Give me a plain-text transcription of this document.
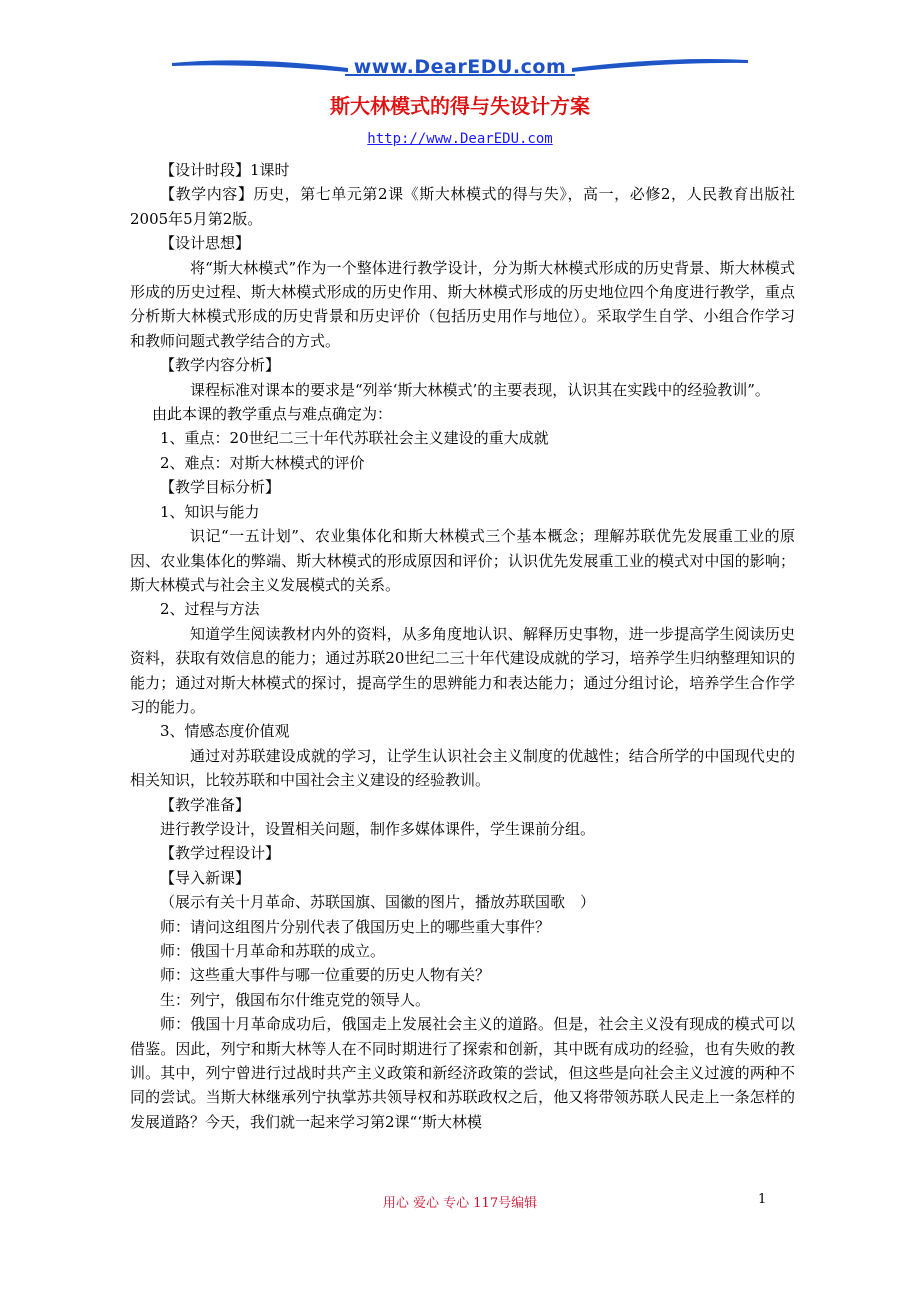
www.DearEDU.com
斯大林模式的得与失设计方案
http://www.DearEDU.com

【设计时段】1课时

【教学内容】历史，第七单元第2课《斯大林模式的得与失》，高一，必修2，人民教育出版社2005年5月第2版。

【设计思想】

将“斯大林模式”作为一个整体进行教学设计，分为斯大林模式形成的历史背景、斯大林模式形成的历史过程、斯大林模式形成的历史作用、斯大林模式形成的历史地位四个角度进行教学，重点分析斯大林模式形成的历史背景和历史评价（包括历史用作与地位）。采取学生自学、小组合作学习和教师问题式教学结合的方式。

【教学内容分析】

课程标准对课本的要求是“列举‘斯大林模式’的主要表现，认识其在实践中的经验教训”。

由此本课的教学重点与难点确定为：

1、重点：20世纪二三十年代苏联社会主义建设的重大成就

2、难点：对斯大林模式的评价

【教学目标分析】

1、知识与能力

识记“一五计划”、农业集体化和斯大林模式三个基本概念；理解苏联优先发展重工业的原因、农业集体化的弊端、斯大林模式的形成原因和评价；认识优先发展重工业的模式对中国的影响；斯大林模式与社会主义发展模式的关系。

2、过程与方法

知道学生阅读教材内外的资料，从多角度地认识、解释历史事物，进一步提高学生阅读历史资料，获取有效信息的能力；通过苏联20世纪二三十年代建设成就的学习，培养学生归纳整理知识的能力；通过对斯大林模式的探讨，提高学生的思辨能力和表达能力；通过分组讨论，培养学生合作学习的能力。

3、情感态度价值观

通过对苏联建设成就的学习，让学生认识社会主义制度的优越性；结合所学的中国现代史的相关知识，比较苏联和中国社会主义建设的经验教训。

【教学准备】

进行教学设计，设置相关问题，制作多媒体课件，学生课前分组。

【教学过程设计】

【导入新课】

（展示有关十月革命、苏联国旗、国徽的图片，播放苏联国歌　）

师：请问这组图片分别代表了俄国历史上的哪些重大事件？

师：俄国十月革命和苏联的成立。

师：这些重大事件与哪一位重要的历史人物有关？

生：列宁，俄国布尔什维克党的领导人。

师：俄国十月革命成功后，俄国走上发展社会主义的道路。但是，社会主义没有现成的模式可以借鉴。因此，列宁和斯大林等人在不同时期进行了探索和创新，其中既有成功的经验，也有失败的教训。其中，列宁曾进行过战时共产主义政策和新经济政策的尝试，但这些是向社会主义过渡的两种不同的尝试。当斯大林继承列宁执掌苏共领导权和苏联政权之后，他又将带领苏联人民走上一条怎样的发展道路？今天，我们就一起来学习第2课“‘斯大林模

用心 爱心 专心 117号编辑	1
